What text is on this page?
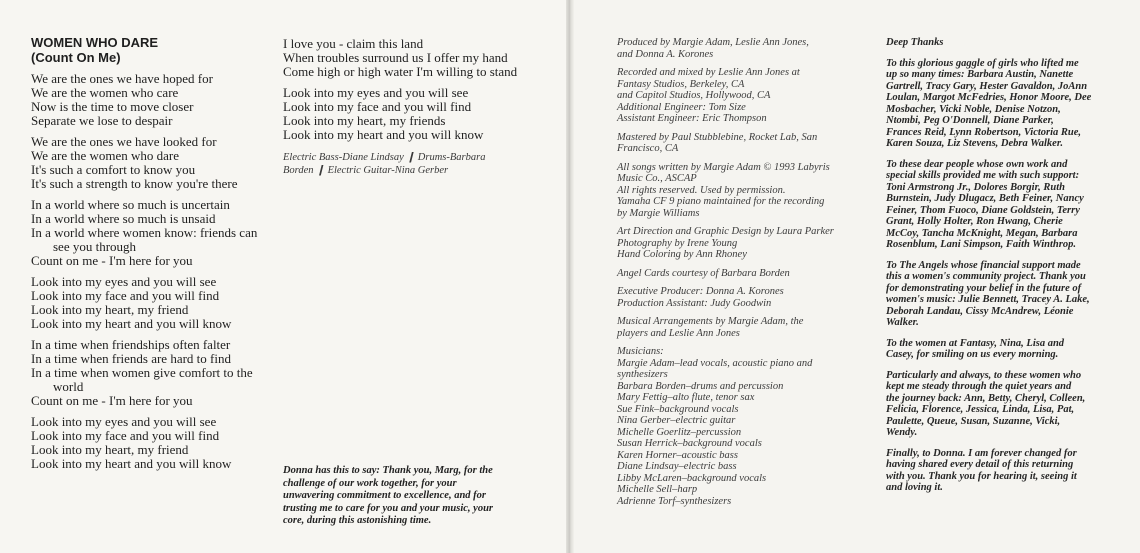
WOMEN WHO DARE
(Count On Me)

We are the ones we have hoped for
We are the women who care
Now is the time to move closer
Separate we lose to despair

We are the ones we have looked for
We are the women who dare
It's such a comfort to know you
It's such a strength to know you're there

In a world where so much is uncertain
In a world where so much is unsaid
In a world where women know: friends can
see you through
Count on me - I'm here for you

Look into my eyes and you will see
Look into my face and you will find
Look into my heart, my friend
Look into my heart and you will know

In a time when friendships often falter
In a time when friends are hard to find
In a time when women give comfort to the
world
Count on me - I'm here for you

Look into my eyes and you will see
Look into my face and you will find
Look into my heart, my friend
Look into my heart and you will know

I love you - claim this land
When troubles surround us I offer my hand
Come high or high water I'm willing to stand

Look into my eyes and you will see
Look into my face and you will find
Look into my heart, my friends
Look into my heart and you will know

Electric Bass-Diane Lindsay ❙ Drums-Barbara
Borden ❙ Electric Guitar-Nina Gerber
Donna has this to say: Thank you, Marg, for the
challenge of our work together, for your
unwavering commitment to excellence, and for
trusting me to care for you and your music, your
core, during this astonishing time.

Produced by Margie Adam, Leslie Ann Jones,
and Donna A. Korones

Recorded and mixed by Leslie Ann Jones at
Fantasy Studios, Berkeley, CA
and Capitol Studios, Hollywood, CA
Additional Engineer: Tom Size
Assistant Engineer: Eric Thompson

Mastered by Paul Stubblebine, Rocket Lab, San
Francisco, CA

All songs written by Margie Adam © 1993 Labyris
Music Co., ASCAP
All rights reserved. Used by permission.
Yamaha CF 9 piano maintained for the recording
by Margie Williams

Art Direction and Graphic Design by Laura Parker
Photography by Irene Young
Hand Coloring by Ann Rhoney

Angel Cards courtesy of Barbara Borden

Executive Producer: Donna A. Korones
Production Assistant: Judy Goodwin

Musical Arrangements by Margie Adam, the
players and Leslie Ann Jones

Musicians:
Margie Adam–lead vocals, acoustic piano and
synthesizers
Barbara Borden–drums and percussion
Mary Fettig–alto flute, tenor sax
Sue Fink–background vocals
Nina Gerber–electric guitar
Michelle Goerlitz–percussion
Susan Herrick–background vocals
Karen Horner–acoustic bass
Diane Lindsay–electric bass
Libby McLaren–background vocals
Michelle Sell–harp
Adrienne Torf–synthesizers

Deep Thanks

To this glorious gaggle of girls who lifted me
up so many times: Barbara Austin, Nanette
Gartrell, Tracy Gary, Hester Gavaldon, JoAnn
Loulan, Margot McFedries, Honor Moore, Dee
Mosbacher, Vicki Noble, Denise Notzon,
Ntombi, Peg O'Donnell, Diane Parker,
Frances Reid, Lynn Robertson, Victoria Rue,
Karen Souza, Liz Stevens, Debra Walker.

To these dear people whose own work and
special skills provided me with such support:
Toni Armstrong Jr., Dolores Borgir, Ruth
Burnstein, Judy Dlugacz, Beth Feiner, Nancy
Feiner, Thom Fuoco, Diane Goldstein, Terry
Grant, Holly Holter, Ron Hwang, Cherie
McCoy, Tancha McKnight, Megan, Barbara
Rosenblum, Lani Simpson, Faith Winthrop.

To The Angels whose financial support made
this a women's community project. Thank you
for demonstrating your belief in the future of
women's music: Julie Bennett, Tracey A. Lake,
Deborah Landau, Cissy McAndrew, Léonie
Walker.

To the women at Fantasy, Nina, Lisa and
Casey, for smiling on us every morning.

Particularly and always, to these women who
kept me steady through the quiet years and
the journey back: Ann, Betty, Cheryl, Colleen,
Felicia, Florence, Jessica, Linda, Lisa, Pat,
Paulette, Queue, Susan, Suzanne, Vicki,
Wendy.

Finally, to Donna. I am forever changed for
having shared every detail of this returning
with you. Thank you for hearing it, seeing it
and loving it.
